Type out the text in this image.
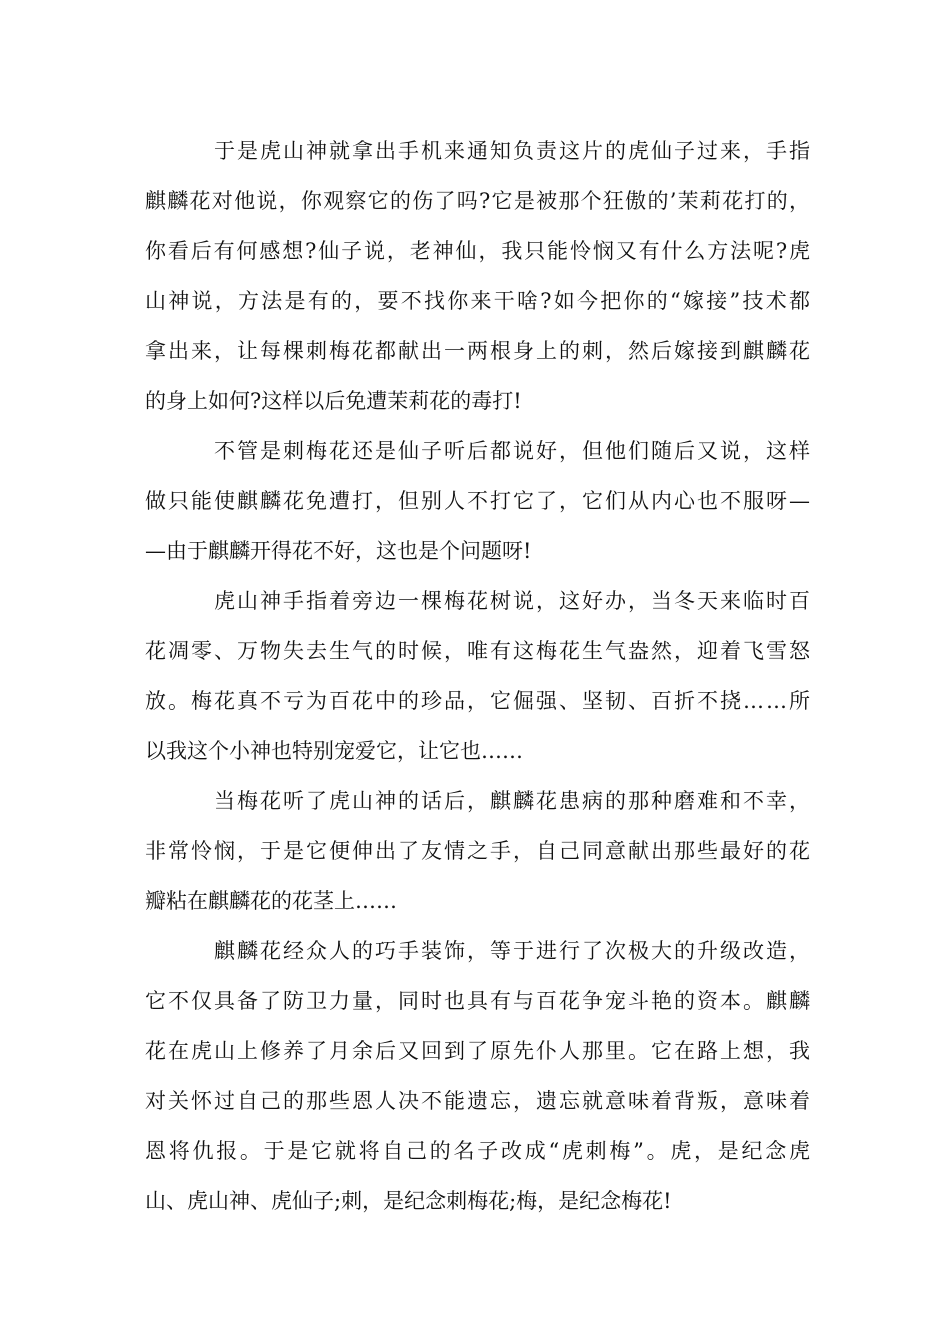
于是虎山神就拿出手机来通知负责这片的虎仙子过来，手指
麒麟花对他说，你观察它的伤了吗?它是被那个狂傲的’茉莉花打的，
你看后有何感想?仙子说，老神仙，我只能怜悯又有什么方法呢?虎
山神说，方法是有的，要不找你来干啥?如今把你的“嫁接”技术都
拿出来，让每棵刺梅花都献出一两根身上的刺，然后嫁接到麒麟花
的身上如何?这样以后免遭茉莉花的毒打!
不管是刺梅花还是仙子听后都说好，但他们随后又说，这样
做只能使麒麟花免遭打，但别人不打它了，它们从内心也不服呀—
—由于麒麟开得花不好，这也是个问题呀!
虎山神手指着旁边一棵梅花树说，这好办，当冬天来临时百
花凋零、万物失去生气的时候，唯有这梅花生气盎然，迎着飞雪怒
放。梅花真不亏为百花中的珍品，它倔强、坚韧、百折不挠……所
以我这个小神也特别宠爱它，让它也……
当梅花听了虎山神的话后，麒麟花患病的那种磨难和不幸，
非常怜悯，于是它便伸出了友情之手，自己同意献出那些最好的花
瓣粘在麒麟花的花茎上……
麒麟花经众人的巧手装饰，等于进行了次极大的升级改造，
它不仅具备了防卫力量，同时也具有与百花争宠斗艳的资本。麒麟
花在虎山上修养了月余后又回到了原先仆人那里。它在路上想，我
对关怀过自己的那些恩人决不能遗忘，遗忘就意味着背叛，意味着
恩将仇报。于是它就将自己的名子改成“虎刺梅”。虎，是纪念虎
山、虎山神、虎仙子;刺，是纪念刺梅花;梅，是纪念梅花!
